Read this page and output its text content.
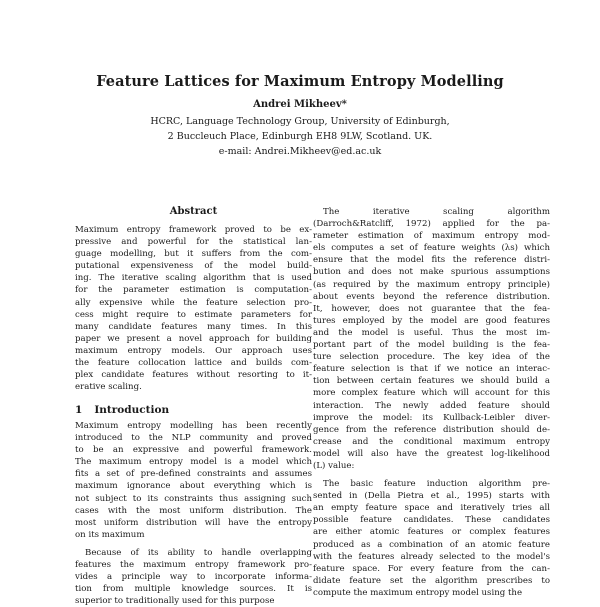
Feature Lattices for Maximum Entropy Modelling
Andrei Mikheev*
HCRC, Language Technology Group, University of Edinburgh,
2 Buccleuch Place, Edinburgh EH8 9LW, Scotland. UK.
e-mail: Andrei.Mikheev@ed.ac.uk
Abstract
Maximum entropy framework proved to be ex-
pressive and powerful for the statistical lan-
guage modelling, but it suffers from the com-
putational expensiveness of the model build-
ing. The iterative scaling algorithm that is used
for the parameter estimation is computation-
ally expensive while the feature selection pro-
cess might require to estimate parameters for
many candidate features many times. In this
paper we present a novel approach for building
maximum entropy models. Our approach uses
the feature collocation lattice and builds com-
plex candidate features without resorting to it-
erative scaling.
1 Introduction
Maximum entropy modelling has been recently
introduced to the NLP community and proved
to be an expressive and powerful framework.
The maximum entropy model is a model which
fits a set of pre-defined constraints and assumes
maximum ignorance about everything which is
not subject to its constraints thus assigning such
cases with the most uniform distribution. The
most uniform distribution will have the entropy
on its maximum
Because of its ability to handle overlapping
features the maximum entropy framework pro-
vides a principle way to incorporate informa-
tion from multiple knowledge sources. It is
superior to traditionally used for this purpose
The iterative scaling algorithm
(Darroch&Ratcliff, 1972) applied for the pa-
rameter estimation of maximum entropy mod-
els computes a set of feature weights (λs) which
ensure that the model fits the reference distri-
bution and does not make spurious assumptions
(as required by the maximum entropy principle)
about events beyond the reference distribution.
It, however, does not guarantee that the fea-
tures employed by the model are good features
and the model is useful. Thus the most im-
portant part of the model building is the fea-
ture selection procedure. The key idea of the
feature selection is that if we notice an interac-
tion between certain features we should build a
more complex feature which will account for this
interaction. The newly added feature should
improve the model: its Kullback-Leibler diver-
gence from the reference distribution should de-
crease and the conditional maximum entropy
model will also have the greatest log-likelihood
(L) value:
The basic feature induction algorithm pre-
sented in (Della Pietra et al., 1995) starts with
an empty feature space and iteratively tries all
possible feature candidates. These candidates
are either atomic features or complex features
produced as a combination of an atomic feature
with the features already selected to the model's
feature space. For every feature from the can-
didate feature set the algorithm prescribes to
compute the maximum entropy model using the
